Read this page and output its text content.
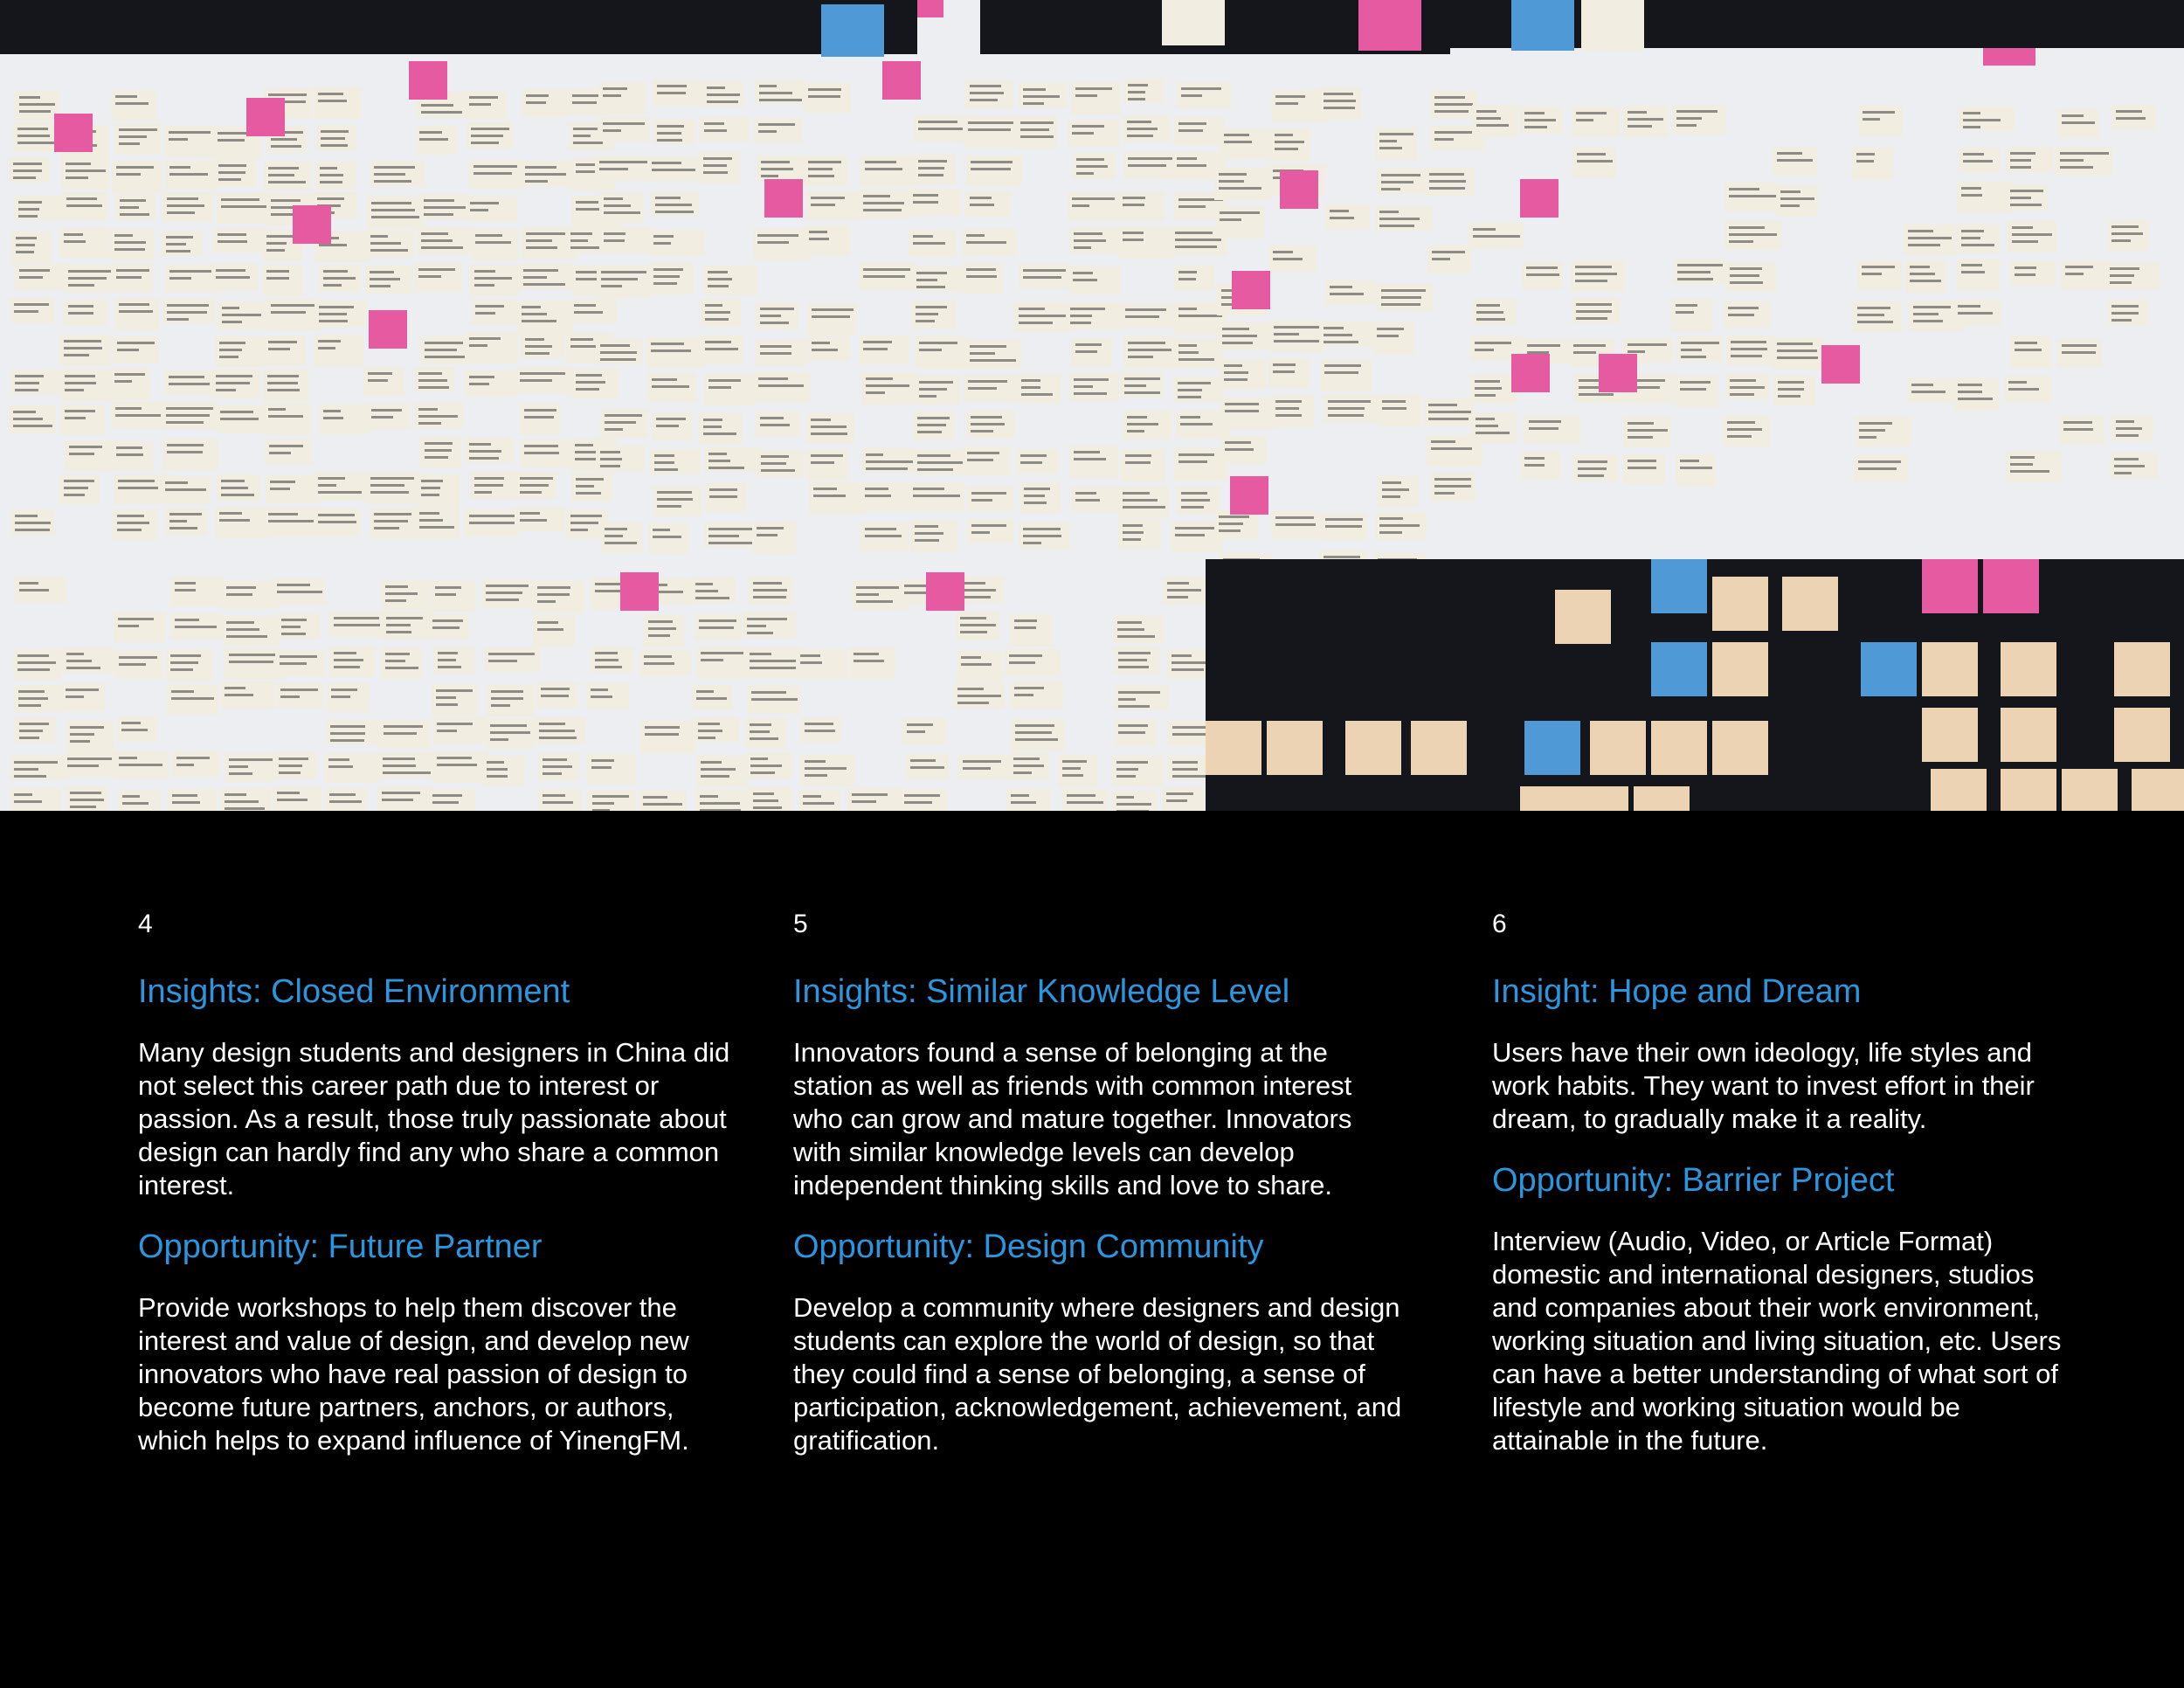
4
Insights: Closed Environment
Many design students and designers in China did not select this career path due to interest or passion. As a result, those truly passionate about design can hardly find any who share a common interest.
Opportunity: Future Partner
Provide workshops to help them discover the interest and value of design, and develop new innovators who have real passion of design to become future partners, anchors, or authors, which helps to expand influence of YinengFM.
5
Insights: Similar Knowledge Level
Innovators found a sense of belonging at the station as well as friends with common interest who can grow and mature together. Innovators with similar knowledge levels can develop independent thinking skills and love to share.
Opportunity: Design Community
Develop a community where designers and design students can explore the world of design, so that they could find a sense of belonging, a sense of participation, acknowledgement, achievement, and gratification.
6
Insight: Hope and Dream
Users have their own ideology, life styles and work habits. They want to invest effort in their dream, to gradually make it a reality.
Opportunity: Barrier Project
Interview (Audio, Video, or Article Format) domestic and international designers, studios and companies about their work environment, working situation and living situation, etc. Users can have a better understanding of what sort of lifestyle and working situation would be attainable in the future.
